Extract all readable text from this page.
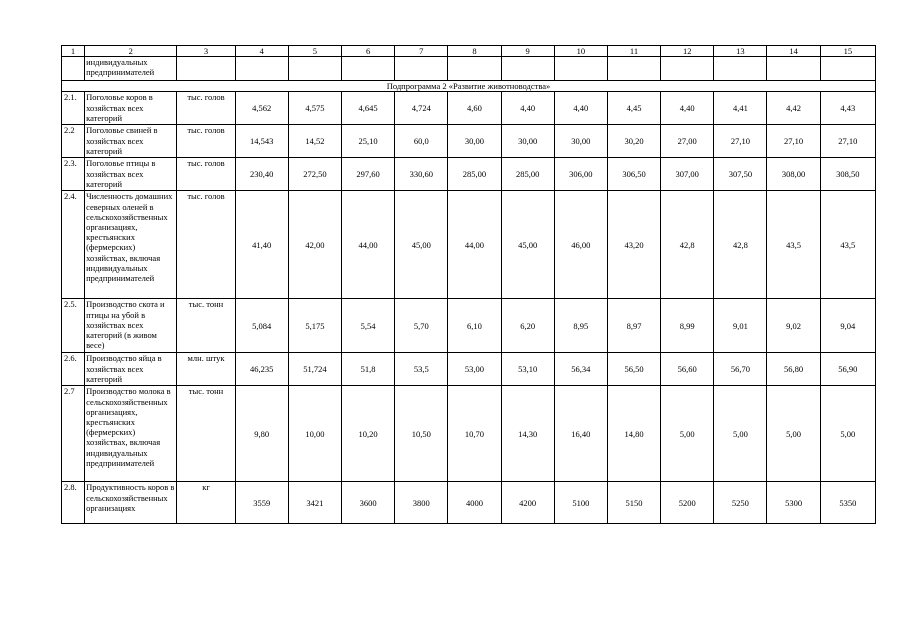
1	2	3	4	5	6	7	8	9	10	11	12	13	14	15
	индивидуальных предпринимателей													
Подпрограмма 2 «Развитие животноводства»														
2.1.	Поголовье коров в хозяйствах всех категорий	тыс. голов	4,562	4,575	4,645	4,724	4,60	4,40	4,40	4,45	4,40	4,41	4,42	4,43
2.2	Поголовье свиней в хозяйствах всех категорий	тыс. голов	14,543	14,52	25,10	60,0	30,00	30,00	30,00	30,20	27,00	27,10	27,10	27,10
2.3.	Поголовье птицы в хозяйствах всех категорий	тыс. голов	230,40	272,50	297,60	330,60	285,00	285,00	306,00	306,50	307,00	307,50	308,00	308,50
2.4.	Численность домашних северных оленей в сельскохозяйственных организациях, крестьянских (фермерских) хозяйствах, включая индивидуальных предпринимателей	тыс. голов	41,40	42,00	44,00	45,00	44,00	45,00	46,00	43,20	42,8	42,8	43,5	43,5
2.5.	Производство скота и птицы на убой в хозяйствах всех категорий (в живом весе)	тыс. тонн	5,084	5,175	5,54	5,70	6,10	6,20	8,95	8,97	8,99	9,01	9,02	9,04
2.6.	Производство яйца в хозяйствах всех категорий	млн. штук	46,235	51,724	51,8	53,5	53,00	53,10	56,34	56,50	56,60	56,70	56,80	56,90
2.7	Производство молока в сельскохозяйственных организациях, крестьянских (фермерских) хозяйствах, включая индивидуальных предпринимателей	тыс. тонн	9,80	10,00	10,20	10,50	10,70	14,30	16,40	14,80	5,00	5,00	5,00	5,00
2.8.	Продуктивность коров в сельскохозяйственных организациях	кг	3559	3421	3600	3800	4000	4200	5100	5150	5200	5250	5300	5350
